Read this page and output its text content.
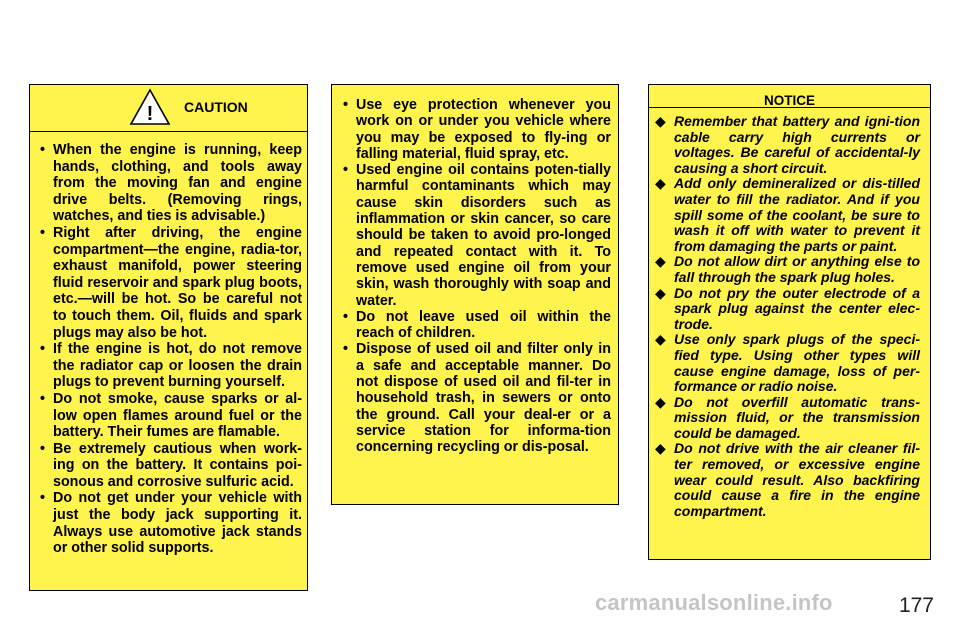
! CAUTION
• When the engine is running, keep hands, clothing, and tools away from the moving fan and engine drive belts. (Removing rings, watches, and ties is advisable.)
• Right after driving, the engine compartment—the engine, radia-tor, exhaust manifold, power steering fluid reservoir and spark plug boots, etc.—will be hot. So be careful not to touch them. Oil, fluids and spark plugs may also be hot.
• If the engine is hot, do not remove the radiator cap or loosen the drain plugs to prevent burning yourself.
• Do not smoke, cause sparks or al-low open flames around fuel or the battery. Their fumes are flamable.
• Be extremely cautious when work-ing on the battery. It contains poi-sonous and corrosive sulfuric acid.
• Do not get under your vehicle with just the body jack supporting it. Always use automotive jack stands or other solid supports.
• Use eye protection whenever you work on or under you vehicle where you may be exposed to fly-ing or falling material, fluid spray, etc.
• Used engine oil contains poten-tially harmful contaminants which may cause skin disorders such as inflammation or skin cancer, so care should be taken to avoid pro-longed and repeated contact with it. To remove used engine oil from your skin, wash thoroughly with soap and water.
• Do not leave used oil within the reach of children.
• Dispose of used oil and filter only in a safe and acceptable manner. Do not dispose of used oil and fil-ter in household trash, in sewers or onto the ground. Call your deal-er or a service station for informa-tion concerning recycling or dis-posal.
NOTICE
◆ Remember that battery and igni-tion cable carry high currents or voltages. Be careful of accidental-ly causing a short circuit.
◆ Add only demineralized or dis-tilled water to fill the radiator. And if you spill some of the coolant, be sure to wash it off with water to prevent it from damaging the parts or paint.
◆ Do not allow dirt or anything else to fall through the spark plug holes.
◆ Do not pry the outer electrode of a spark plug against the center elec-trode.
◆ Use only spark plugs of the speci-fied type. Using other types will cause engine damage, loss of per-formance or radio noise.
◆ Do not overfill automatic trans-mission fluid, or the transmission could be damaged.
◆ Do not drive with the air cleaner fil-ter removed, or excessive engine wear could result. Also backfiring could cause a fire in the engine compartment.
carmanualsonline.info	177
